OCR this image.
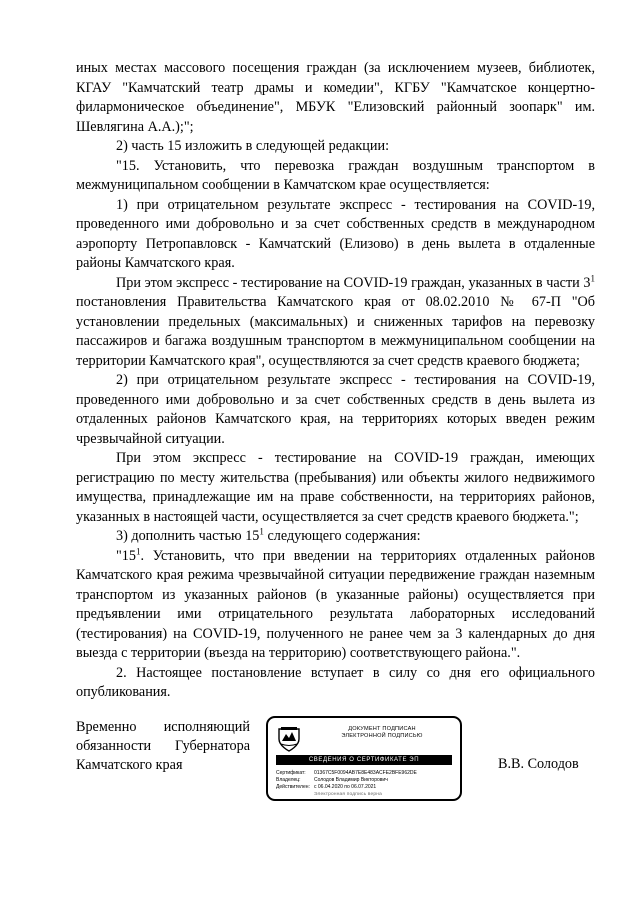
иных местах массового посещения граждан (за исключением музеев, библиотек, КГАУ "Камчатский театр драмы и комедии", КГБУ "Камчатское концертно-филармоническое объединение", МБУК "Елизовский районный зоопарк" им. Шевлягина А.А.);";

2) часть 15 изложить в следующей редакции:

"15. Установить, что перевозка граждан воздушным транспортом в межмуниципальном сообщении в Камчатском крае осуществляется:

1) при отрицательном результате экспресс - тестирования на COVID-19, проведенного ими добровольно и за счет собственных средств в международном аэропорту Петропавловск - Камчатский (Елизово) в день вылета в отдаленные районы Камчатского края.

При этом экспресс - тестирование на COVID-19 граждан, указанных в части $3^1$ постановления Правительства Камчатского края от 08.02.2010 № 67-П "Об установлении предельных (максимальных) и сниженных тарифов на перевозку пассажиров и багажа воздушным транспортом в межмуниципальном сообщении на территории Камчатского края", осуществляются за счет средств краевого бюджета;

2) при отрицательном результате экспресс - тестирования на COVID-19, проведенного ими добровольно и за счет собственных средств в день вылета из отдаленных районов Камчатского края, на территориях которых введен режим чрезвычайной ситуации.

При этом экспресс - тестирование на COVID-19 граждан, имеющих регистрацию по месту жительства (пребывания) или объекты жилого недвижимого имущества, принадлежащие им на праве собственности, на территориях районов, указанных в настоящей части, осуществляется за счет средств краевого бюджета.";

3) дополнить частью $15^1$ следующего содержания:

"$15^1$. Установить, что при введении на территориях отдаленных районов Камчатского края режима чрезвычайной ситуации передвижение граждан наземным транспортом из указанных районов (в указанные районы) осуществляется при предъявлении ими отрицательного результата лабораторных исследований (тестирования) на COVID-19, полученного не ранее чем за 3 календарных до дня выезда с территории (въезда на территорию) соответствующего района.".

2. Настоящее постановление вступает в силу со дня его официального опубликования.

Временно исполняющий
обязанности Губернатора
Камчатского края
ДОКУМЕНТ ПОДПИСАН
ЭЛЕКТРОННОЙ ПОДПИСЬЮ
СВЕДЕНИЯ О СЕРТИФИКАТЕ ЭП
Сертификат:	01367C5F0094AB7E8E483ACFE2BFE962DE
Владелец:	Солодов Владимир Викторович
Действителен: с 06.04.2020 по 06.07.2021
Электронная подпись верна
В.В. Солодов
